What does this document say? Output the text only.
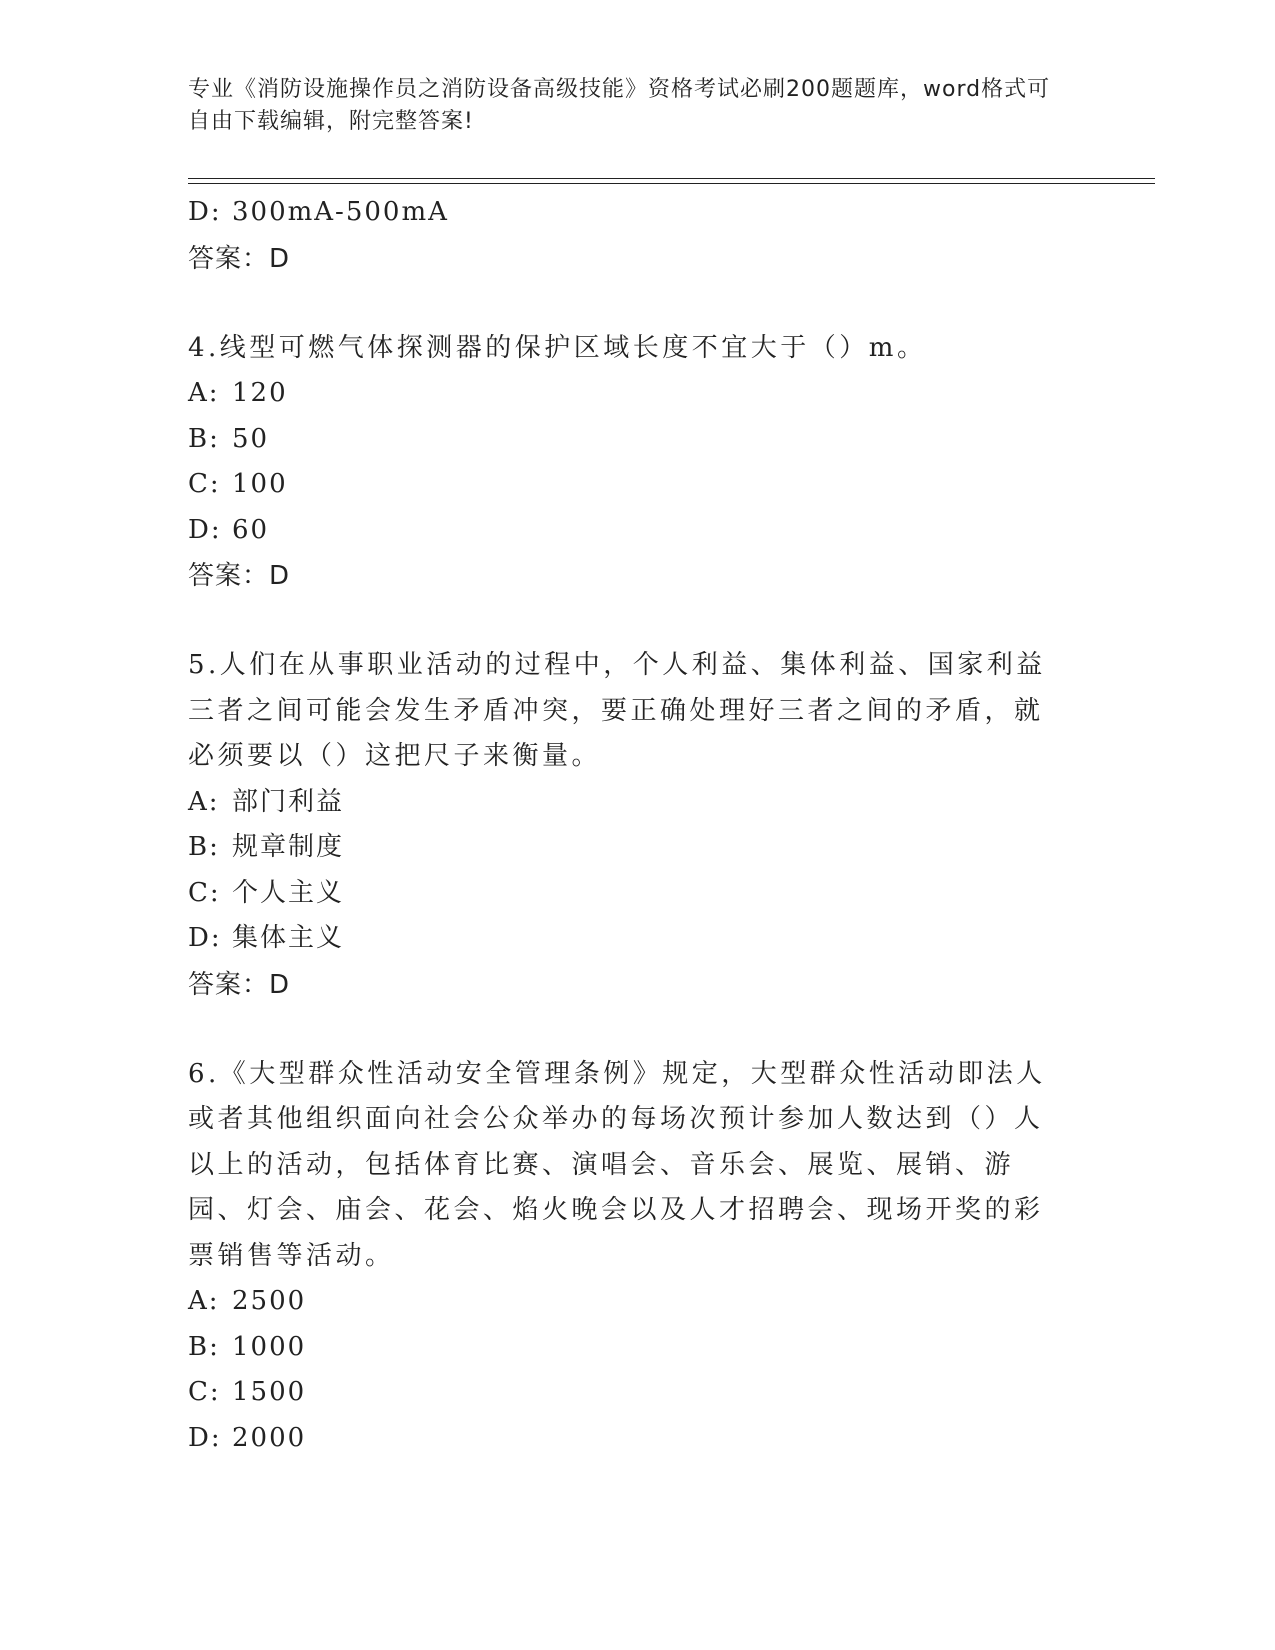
专业《消防设施操作员之消防设备高级技能》资格考试必刷200题题库，word格式可自由下载编辑，附完整答案!
D: 300mA-500mA
答案：D
4.线型可燃气体探测器的保护区域长度不宜大于（）m。
A: 120
B: 50
C: 100
D: 60
答案：D
5.人们在从事职业活动的过程中，个人利益、集体利益、国家利益三者之间可能会发生矛盾冲突，要正确处理好三者之间的矛盾，就必须要以（）这把尺子来衡量。
A: 部门利益
B: 规章制度
C: 个人主义
D: 集体主义
答案：D
6.《大型群众性活动安全管理条例》规定，大型群众性活动即法人或者其他组织面向社会公众举办的每场次预计参加人数达到（）人以上的活动，包括体育比赛、演唱会、音乐会、展览、展销、游园、灯会、庙会、花会、焰火晚会以及人才招聘会、现场开奖的彩票销售等活动。
A: 2500
B: 1000
C: 1500
D: 2000
